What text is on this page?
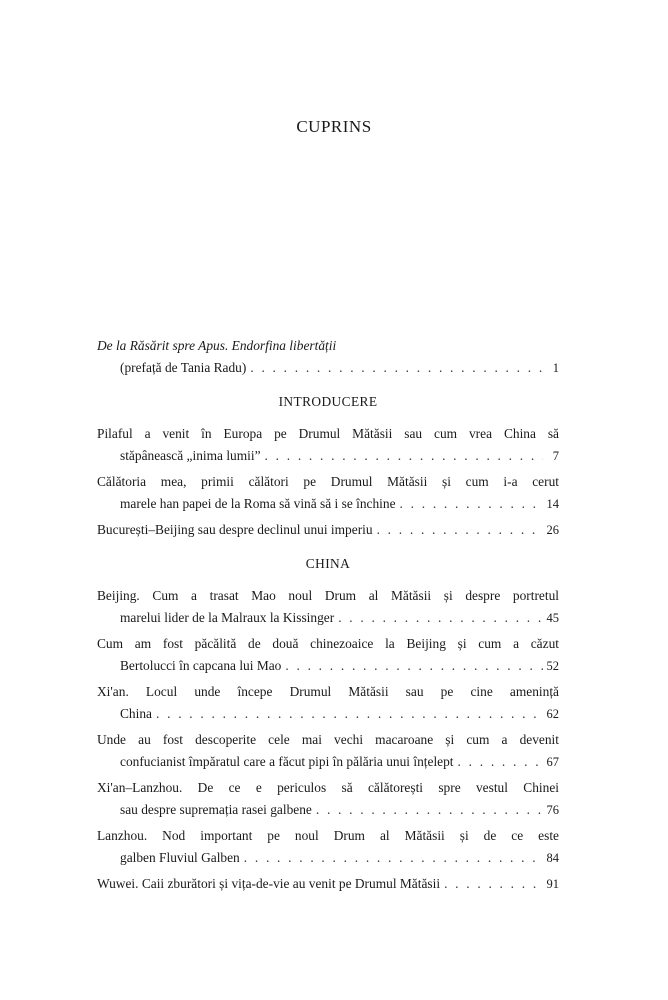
CUPRINS
De la Răsărit spre Apus. Endorfina libertății
(prefață de Tania Radu) . . .	1
INTRODUCERE
Pilaful a venit în Europa pe Drumul Mătăsii sau cum vrea China să
stăpânească „inima lumii” . . .	7
Călătoria mea, primii călători pe Drumul Mătăsii și cum i-a cerut
marele han papei de la Roma să vină să i se închine . . .	14
București–Beijing sau despre declinul unui imperiu . . .	26
CHINA
Beijing. Cum a trasat Mao noul Drum al Mătăsii și despre portretul
marelui lider de la Malraux la Kissinger . . .	45
Cum am fost păcălită de două chinezoaice la Beijing și cum a căzut
Bertolucci în capcana lui Mao . . .	52
Xi'an. Locul unde începe Drumul Mătăsii sau pe cine amenință
China . . .	62
Unde au fost descoperite cele mai vechi macaroane și cum a devenit
confucianist împăratul care a făcut pipi în pălăria unui înțelept . . .	67
Xi'an–Lanzhou. De ce e periculos să călătorești spre vestul Chinei
sau despre supremația rasei galbene . . .	76
Lanzhou. Nod important pe noul Drum al Mătăsii și de ce este
galben Fluviul Galben . . .	84
Wuwei. Caii zburători și vița-de-vie au venit pe Drumul Mătăsii . . .	91
